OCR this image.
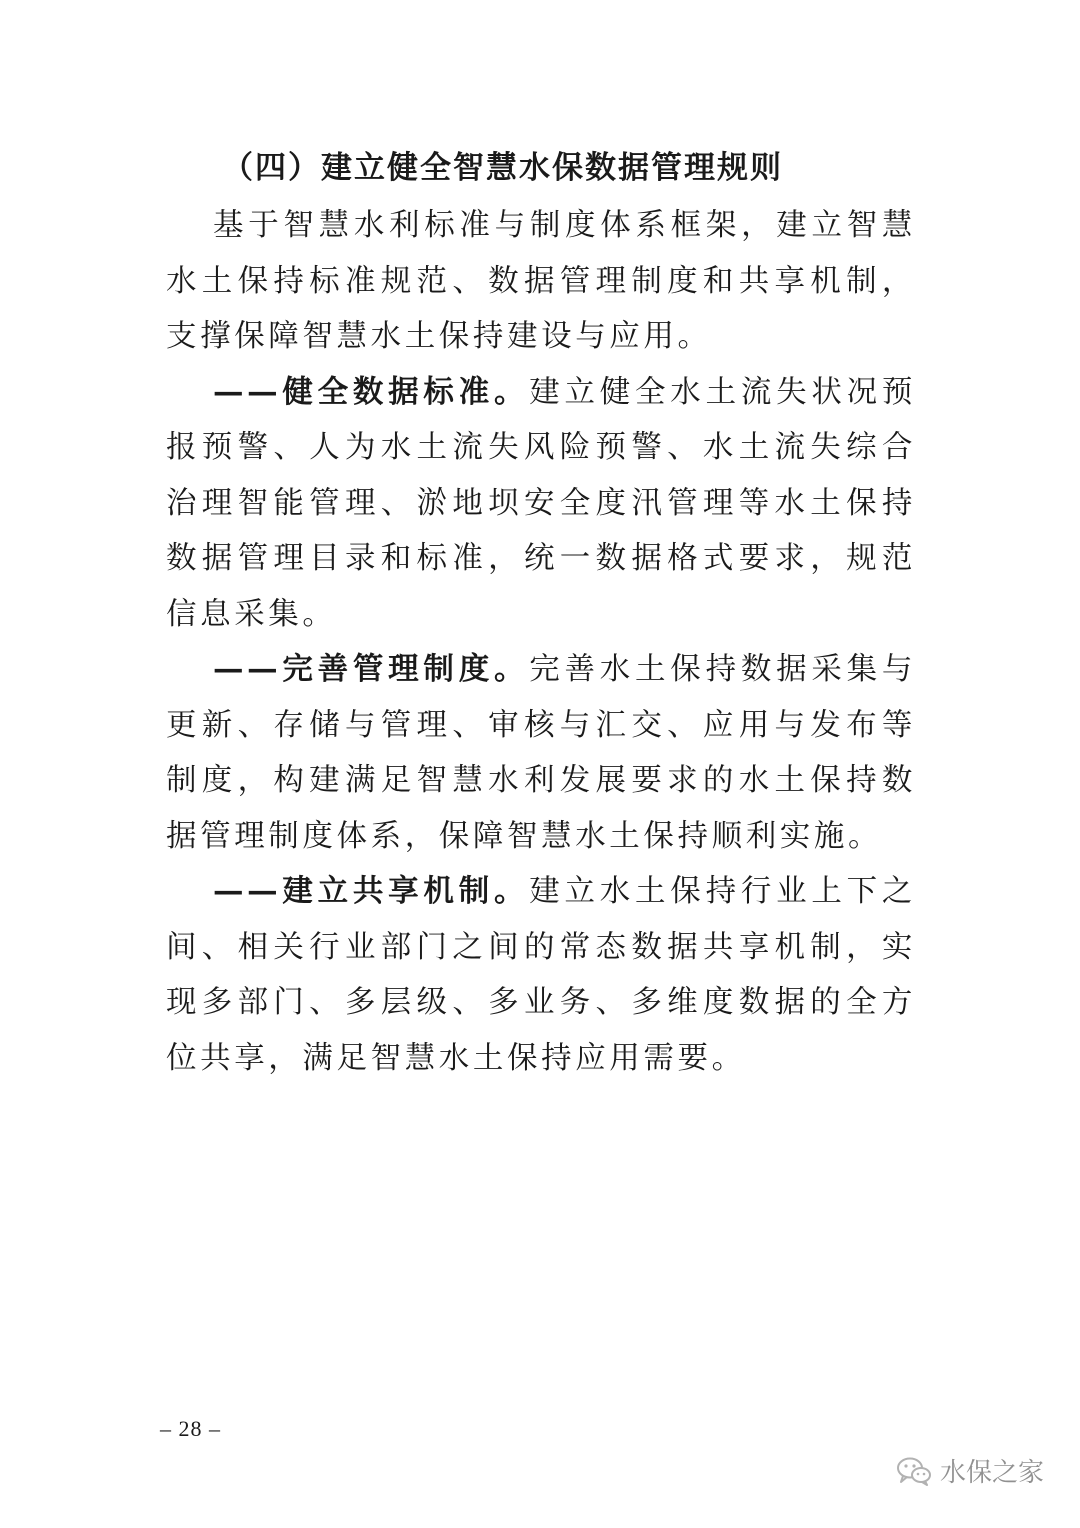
（四）建立健全智慧水保数据管理规则

基于智慧水利标准与制度体系框架，建立智慧水土保持标准规范、数据管理制度和共享机制，支撑保障智慧水土保持建设与应用。

——健全数据标准。建立健全水土流失状况预报预警、人为水土流失风险预警、水土流失综合治理智能管理、淤地坝安全度汛管理等水土保持数据管理目录和标准，统一数据格式要求，规范信息采集。

——完善管理制度。完善水土保持数据采集与更新、存储与管理、审核与汇交、应用与发布等制度，构建满足智慧水利发展要求的水土保持数据管理制度体系，保障智慧水土保持顺利实施。

——建立共享机制。建立水土保持行业上下之间、相关行业部门之间的常态数据共享机制，实现多部门、多层级、多业务、多维度数据的全方位共享，满足智慧水土保持应用需要。

– 28 –
水保之家
